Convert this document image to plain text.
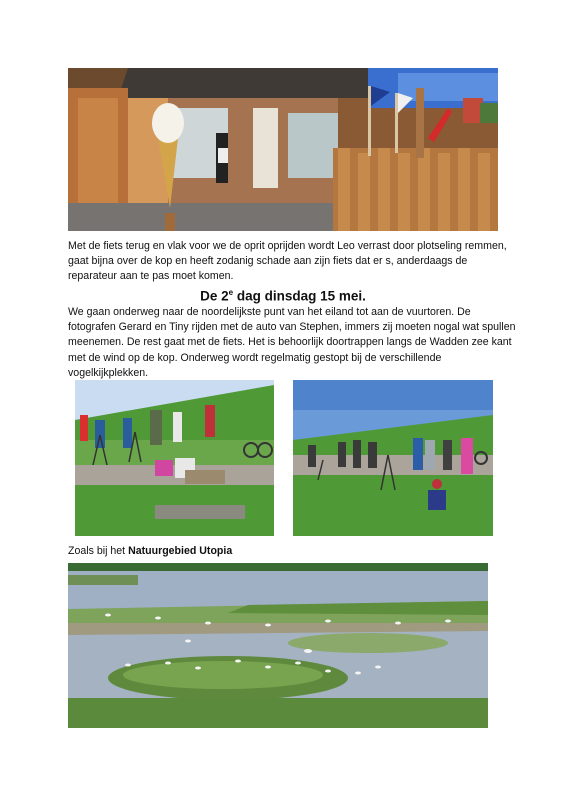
Met de fiets terug en vlak voor we de oprit oprijden wordt Leo verrast door plotseling remmen, gaat bijna over de kop en heeft zodanig schade aan zijn fiets dat er s, anderdaags de reparateur aan te pas moet komen.

De 2e dag dinsdag 15 mei.

We gaan onderweg naar de noordelijkste punt van het eiland tot aan de vuurtoren. De fotografen Gerard en Tiny rijden met de auto van Stephen, immers zij moeten nogal wat spullen meenemen. De rest gaat met de fiets. Het is behoorlijk doortrappen langs de Wadden zee kant met de wind op de kop. Onderweg wordt regelmatig gestopt bij de verschillende vogelkijkplekken.

Zoals bij het Natuurgebied Utopia
